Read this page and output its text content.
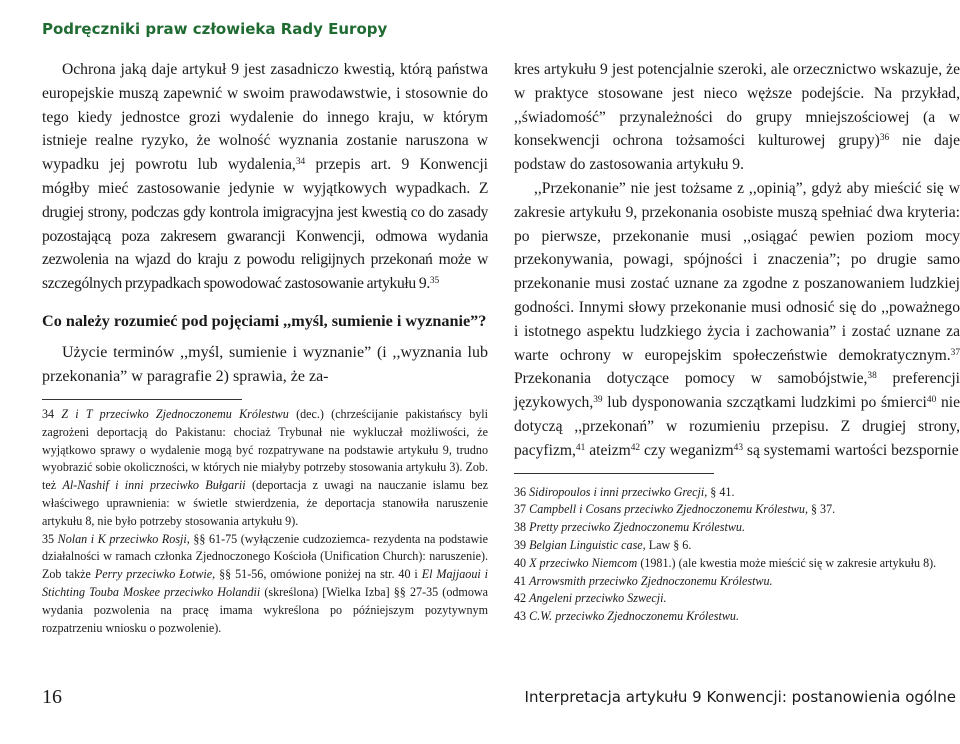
Podręczniki praw człowieka Rady Europy

Ochrona jaką daje artykuł 9 jest zasadniczo kwestią, którą państwa europejskie muszą zapewnić w swoim prawodawstwie, i stosownie do tego kiedy jednostce grozi wydalenie do innego kraju, w którym istnieje realne ryzyko, że wolność wyznania zostanie naruszona w wypadku jej powrotu lub wydalenia,$^{34}$ przepis art. 9 Konwencji mógłby mieć zastosowanie jedynie w wyjątkowych wypadkach. Z drugiej strony, podczas gdy kontrola imigracyjna jest kwestią co do zasady pozostającą poza zakresem gwarancji Konwencji, odmowa wydania zezwolenia na wjazd do kraju z powodu religijnych przekonań może w szczególnych przypadkach spowodować zastosowanie artykułu 9.35

Co należy rozumieć pod pojęciami ,,myśl, sumienie i wyznanie”?

Użycie terminów ,,myśl, sumienie i wyznanie” (i ,,wyznania lub przekonania” w paragrafie 2) sprawia, że za-

34 Z i T przeciwko Zjednoczonemu Królestwu (dec.) (chrześcijanie pakistańscy byli zagrożeni deportacją do Pakistanu: chociaż Trybunał nie wykluczał możliwości, że wyjątkowo sprawy o wydalenie mogą być rozpatrywane na podstawie artykułu 9, trudno wyobrazić sobie okoliczności, w których nie miałyby potrzeby stosowania artykułu 3). Zob. też Al-Nashif i inni przeciwko Bułgarii (deportacja z uwagi na nauczanie islamu bez właściwego uprawnienia: w świetle stwierdzenia, że deportacja stanowiła naruszenie artykułu 8, nie było potrzeby stosowania artykułu 9).

35 Nolan i K przeciwko Rosji, §§ 61-75 (wyłączenie cudzoziemca- rezydenta na podstawie działalności w ramach członka Zjednoczonego Kościoła (Unification Church): naruszenie). Zob także Perry przeciwko Łotwie, §§ 51-56, omówione poniżej na str. 40 i El Majjaoui i Stichting Touba Moskee przeciwko Holandii (skreślona) [Wielka Izba] §§ 27-35 (odmowa wydania pozwolenia na pracę imama wykreślona po późniejszym pozytywnym rozpatrzeniu wniosku o pozwolenie).

kres artykułu 9 jest potencjalnie szeroki, ale orzecznictwo wskazuje, że w praktyce stosowane jest nieco węższe podejście. Na przykład, ,,świadomość” przynależności do grupy mniejszościowej (a w konsekwencji ochrona tożsamości kulturowej grupy)$^{36}$ nie daje podstaw do zastosowania artykułu 9.

,,Przekonanie” nie jest tożsame z ,,opinią”, gdyż aby mieścić się w zakresie artykułu 9, przekonania osobiste muszą spełniać dwa kryteria: po pierwsze, przekonanie musi ,,osiągać pewien poziom mocy przekonywania, powagi, spójności i znaczenia”; po drugie samo przekonanie musi zostać uznane za zgodne z poszanowaniem ludzkiej godności. Innymi słowy przekonanie musi odnosić się do ,,poważnego i istotnego aspektu ludzkiego życia i zachowania” i zostać uznane za warte ochrony w europejskim społeczeństwie demokratycznym.$^{37}$ Przekonania dotyczące pomocy w samobójstwie,$^{38}$ preferencji językowych,$^{39}$ lub dysponowania szczątkami ludzkimi po śmierci$^{40}$ nie dotyczą ,,przekonań” w rozumieniu przepisu. Z drugiej strony, pacyfizm,$^{41}$ ateizm$^{42}$ czy weganizm$^{43}$ są systemami wartości bezspornie

36 Sidiropoulos i inni przeciwko Grecji, § 41.

37 Campbell i Cosans przeciwko Zjednoczonemu Królestwu, § 37.

38 Pretty przeciwko Zjednoczonemu Królestwu.

39 Belgian Linguistic case, Law § 6.

40 X przeciwko Niemcom (1981.) (ale kwestia może mieścić się w zakresie artykułu 8).

41 Arrowsmith przeciwko Zjednoczonemu Królestwu.

42 Angeleni przeciwko Szwecji.

43 C.W. przeciwko Zjednoczonemu Królestwu.

16	Interpretacja artykułu 9 Konwencji: postanowienia ogólne
